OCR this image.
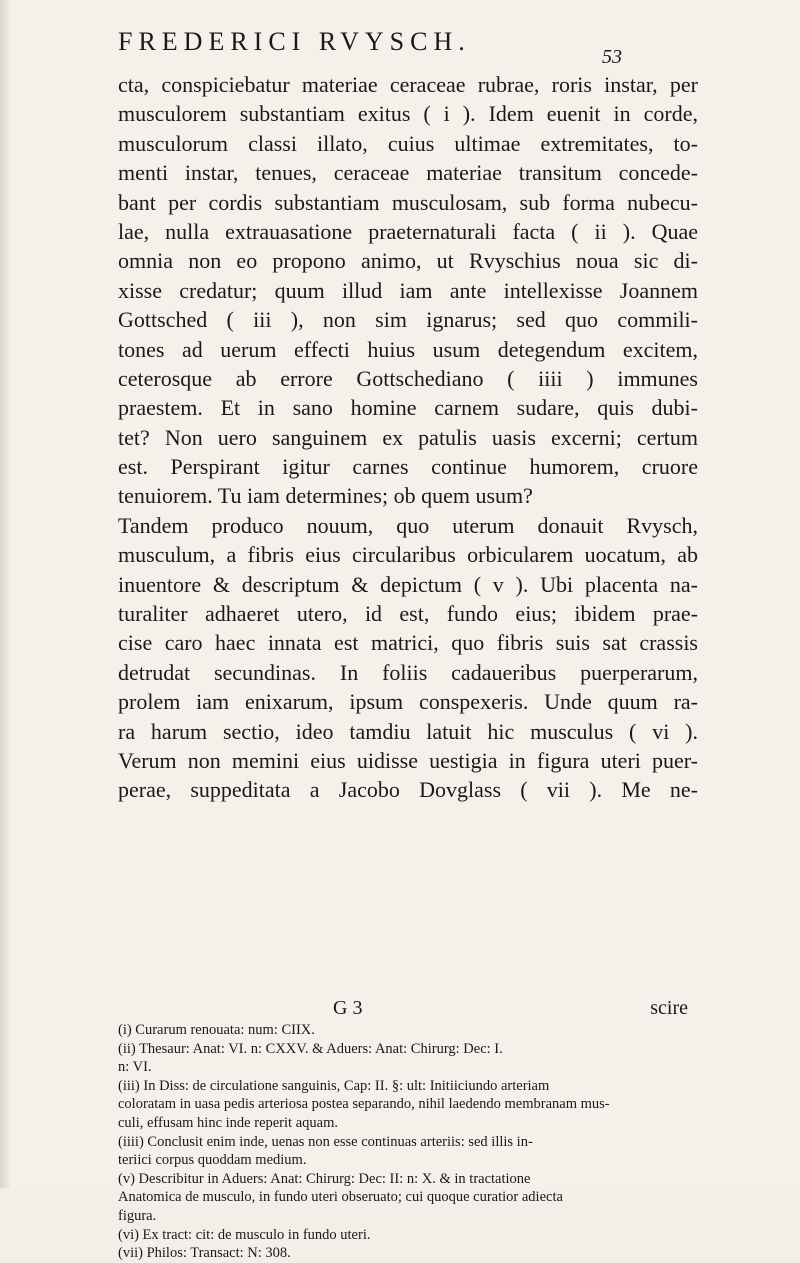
FREDERICI RVYSCH.
53
cta, conspiciebatur materiae ceraceae rubrae, roris instar, per
musculorem substantiam exitus ( i ). Idem euenit in corde,
musculorum classi illato, cuius ultimae extremitates, to-
menti instar, tenues, ceraceae materiae transitum concede-
bant per cordis substantiam musculosam, sub forma nubecu-
lae, nulla extrauasatione praeternaturali facta ( ii ). Quae
omnia non eo propono animo, ut Rvyschius noua sic di-
xisse credatur; quum illud iam ante intellexisse Joannem
Gottsched ( iii ), non sim ignarus; sed quo commili-
tones ad uerum effecti huius usum detegendum excitem,
ceterosque ab errore Gottschediano ( iiii ) immunes
praestem. Et in sano homine carnem sudare, quis dubi-
tet? Non uero sanguinem ex patulis uasis excerni; certum
est. Perspirant igitur carnes continue humorem, cruore
tenuiorem. Tu iam determines; ob quem usum?
Tandem produco nouum, quo uterum donauit Rvysch,
musculum, a fibris eius circularibus orbicularem uocatum, ab
inuentore & descriptum & depictum ( v ). Ubi placenta na-
turaliter adhaeret utero, id est, fundo eius; ibidem prae-
cise caro haec innata est matrici, quo fibris suis sat crassis
detrudat secundinas. In foliis cadaueribus puerperarum,
prolem iam enixarum, ipsum conspexeris. Unde quum ra-
ra harum sectio, ideo tamdiu latuit hic musculus ( vi ).
Verum non memini eius uidisse uestigia in figura uteri puer-
perae, suppeditata a Jacobo Dovglass ( vii ). Me ne-
G 3	scire
(i) Curarum renouata: num: CIIX.
(ii) Thesaur: Anat: VI. n: CXXV. & Aduers: Anat: Chirurg: Dec: I.
n: VI.
(iii) In Diss: de circulatione sanguinis, Cap: II. §: ult: Initiiciundo arteriam
coloratam in uasa pedis arteriosa postea separando, nihil laedendo membranam mus-
culi, effusam hinc inde reperit aquam.
(iiii) Conclusit enim inde, uenas non esse continuas arteriis: sed illis in-
teriici corpus quoddam medium.
(v) Describitur in Aduers: Anat: Chirurg: Dec: II: n: X. & in tractatione
Anatomica de musculo, in fundo uteri obseruato; cui quoque curatior adiecta
figura.
(vi) Ex tract: cit: de musculo in fundo uteri.
(vii) Philos: Transact: N: 308.
